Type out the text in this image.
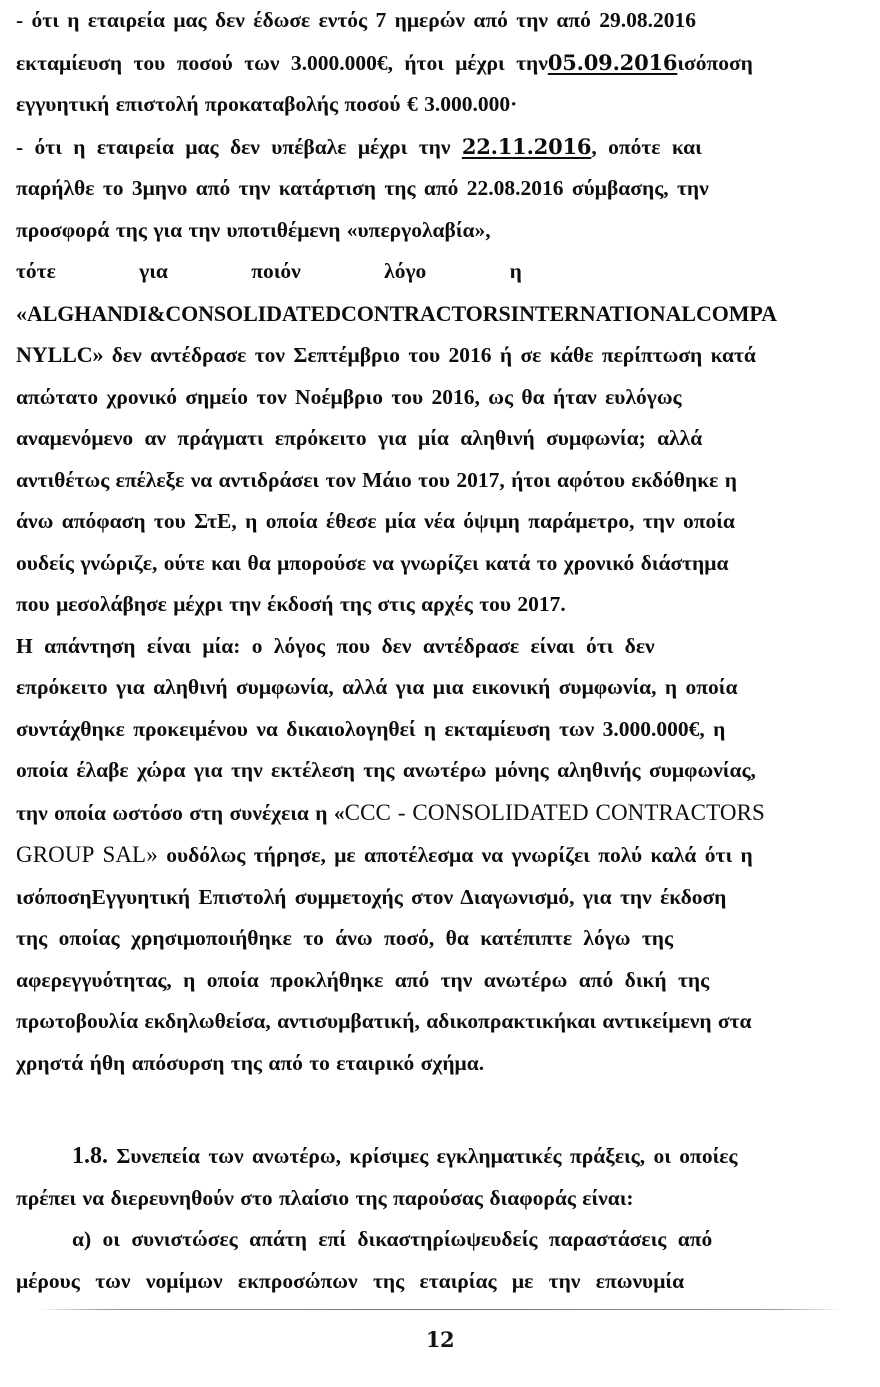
- ότι η εταιρεία μας δεν έδωσε εντός 7 ημερών από την από 29.08.2016
εκταμίευση του ποσού των 3.000.000€, ήτοι μέχρι την05.09.2016ισόποση
εγγυητική επιστολή προκαταβολής ποσού € 3.000.000·

- ότι η εταιρεία μας δεν υπέβαλε μέχρι την 22.11.2016, οπότε και
παρήλθε το 3μηνο από την κατάρτιση της από 22.08.2016 σύμβασης, την
προσφορά της για την υποτιθέμενη «υπεργολαβία»,

τότε για ποιόν λόγο η
«ALGHANDI&CONSOLIDATEDCONTRACTORSINTERNATIONALCOMPA
NYLLC» δεν αντέδρασε τον Σεπτέμβριο του 2016 ή σε κάθε περίπτωση κατά
απώτατο χρονικό σημείο τον Νοέμβριο του 2016, ως θα ήταν ευλόγως
αναμενόμενο αν πράγματι επρόκειτο για μία αληθινή συμφωνία; αλλά
αντιθέτως επέλεξε να αντιδράσει τον Μάιο του 2017, ήτοι αφότου εκδόθηκε η
άνω απόφαση του ΣτΕ, η οποία έθεσε μία νέα όψιμη παράμετρο, την οποία
ουδείς γνώριζε, ούτε και θα μπορούσε να γνωρίζει κατά το χρονικό διάστημα
που μεσολάβησε μέχρι την έκδοσή της στις αρχές του 2017.

Η απάντηση είναι μία: ο λόγος που δεν αντέδρασε είναι ότι δεν
επρόκειτο για αληθινή συμφωνία, αλλά για μια εικονική συμφωνία, η οποία
συντάχθηκε προκειμένου να δικαιολογηθεί η εκταμίευση των 3.000.000€, η
οποία έλαβε χώρα για την εκτέλεση της ανωτέρω μόνης αληθινής συμφωνίας,
την οποία ωστόσο στη συνέχεια η «CCC - CONSOLIDATED CONTRACTORS
GROUP SAL» ουδόλως τήρησε, με αποτέλεσμα να γνωρίζει πολύ καλά ότι η
ισόποσηΕγγυητική Επιστολή συμμετοχής στον Διαγωνισμό, για την έκδοση
της οποίας χρησιμοποιήθηκε το άνω ποσό, θα κατέπιπτε λόγω της
αφερεγγυότητας, η οποία προκλήθηκε από την ανωτέρω από δική της
πρωτοβουλία εκδηλωθείσα, αντισυμβατική, αδικοπρακτικήκαι αντικείμενη στα
χρηστά ήθη απόσυρση της από το εταιρικό σχήμα.

1.8. Συνεπεία των ανωτέρω, κρίσιμες εγκληματικές πράξεις, οι οποίες
πρέπει να διερευνηθούν στο πλαίσιο της παρούσας διαφοράς είναι:

α) οι συνιστώσες απάτη επί δικαστηρίωψευδείς παραστάσεις από
μέρους των νομίμων εκπροσώπων της εταιρίας με την επωνυμία

12
